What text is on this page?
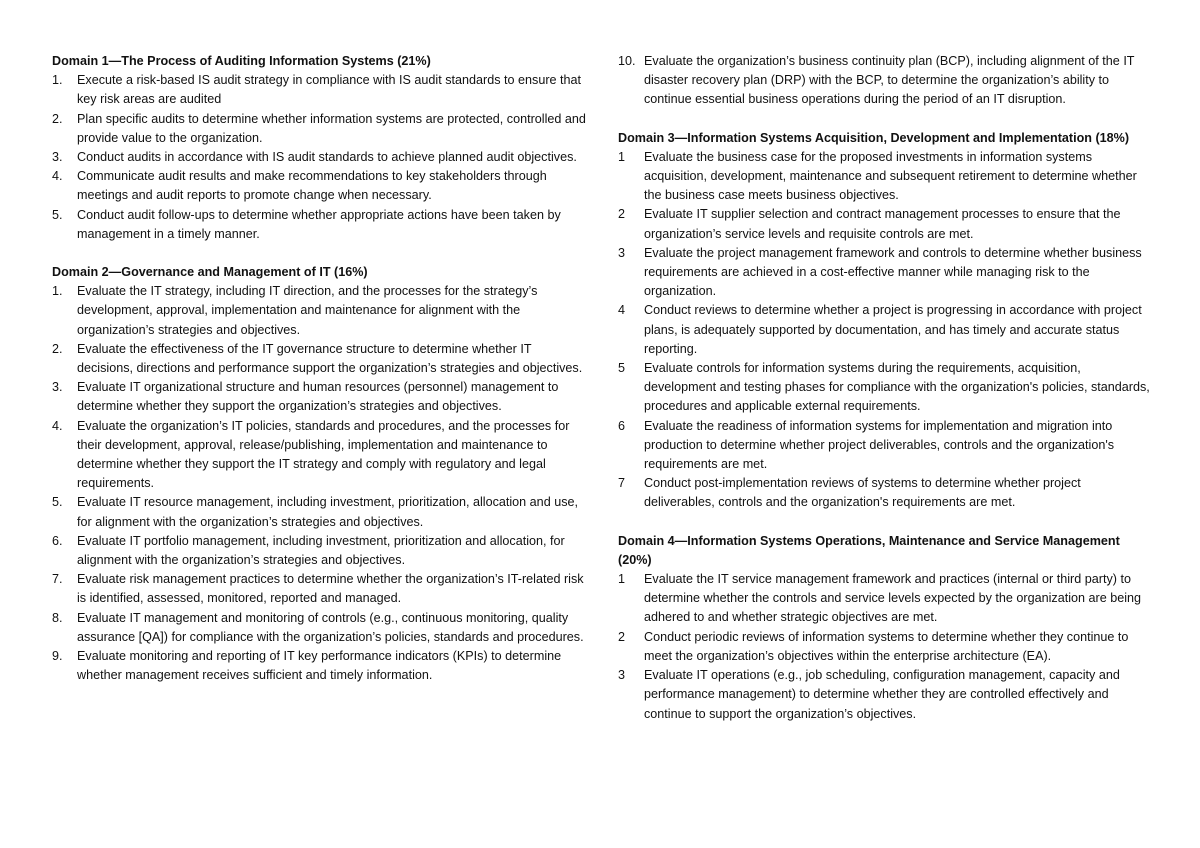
Domain 1—The Process of Auditing Information Systems (21%)

1.	Execute a risk-based IS audit strategy in compliance with IS audit standards to ensure that key risk areas are audited
2.	Plan specific audits to determine whether information systems are protected, controlled and provide value to the organization.
3.	Conduct audits in accordance with IS audit standards to achieve planned audit objectives.
4.	Communicate audit results and make recommendations to key stakeholders through meetings and audit reports to promote change when necessary.
5.	Conduct audit follow-ups to determine whether appropriate actions have been taken by management in a timely manner.

Domain 2—Governance and Management of IT (16%)

1.	Evaluate the IT strategy, including IT direction, and the processes for the strategy’s development, approval, implementation and maintenance for alignment with the organization’s strategies and objectives.
2.	Evaluate the effectiveness of the IT governance structure to determine whether IT decisions, directions and performance support the organization’s strategies and objectives.
3.	Evaluate IT organizational structure and human resources (personnel) management to determine whether they support the organization’s strategies and objectives.
4.	Evaluate the organization’s IT policies, standards and procedures, and the processes for their development, approval, release/publishing, implementation and maintenance to determine whether they support the IT strategy and comply with regulatory and legal requirements.
5.	Evaluate IT resource management, including investment, prioritization, allocation and use, for alignment with the organization’s strategies and objectives.
6.	Evaluate IT portfolio management, including investment, prioritization and allocation, for alignment with the organization’s strategies and objectives.
7.	Evaluate risk management practices to determine whether the organization’s IT-related risk is identified, assessed, monitored, reported and managed.
8.	Evaluate IT management and monitoring of controls (e.g., continuous monitoring, quality assurance [QA]) for compliance with the organization’s policies, standards and procedures.
9.	Evaluate monitoring and reporting of IT key performance indicators (KPIs) to determine whether management receives sufficient and timely information.
10. Evaluate the organization’s business continuity plan (BCP), including alignment of the IT disaster recovery plan (DRP) with the BCP, to determine the organization’s ability to continue essential business operations during the period of an IT disruption.

Domain 3—Information Systems Acquisition, Development and Implementation (18%)

1	Evaluate the business case for the proposed investments in information systems acquisition, development, maintenance and subsequent retirement to determine whether the business case meets business objectives.
2	Evaluate IT supplier selection and contract management processes to ensure that the organization’s service levels and requisite controls are met.
3	Evaluate the project management framework and controls to determine whether business requirements are achieved in a cost-effective manner while managing risk to the organization.
4	Conduct reviews to determine whether a project is progressing in accordance with project plans, is adequately supported by documentation, and has timely and accurate status reporting.
5	Evaluate controls for information systems during the requirements, acquisition, development and testing phases for compliance with the organization's policies, standards, procedures and applicable external requirements.
6	Evaluate the readiness of information systems for implementation and migration into production to determine whether project deliverables, controls and the organization's requirements are met.
7	Conduct post-implementation reviews of systems to determine whether project deliverables, controls and the organization's requirements are met.

Domain 4—Information Systems Operations, Maintenance and Service Management (20%)

1	Evaluate the IT service management framework and practices (internal or third party) to determine whether the controls and service levels expected by the organization are being adhered to and whether strategic objectives are met.
2	Conduct periodic reviews of information systems to determine whether they continue to meet the organization’s objectives within the enterprise architecture (EA).
3	Evaluate IT operations (e.g., job scheduling, configuration management, capacity and performance management) to determine whether they are controlled effectively and continue to support the organization’s objectives.
